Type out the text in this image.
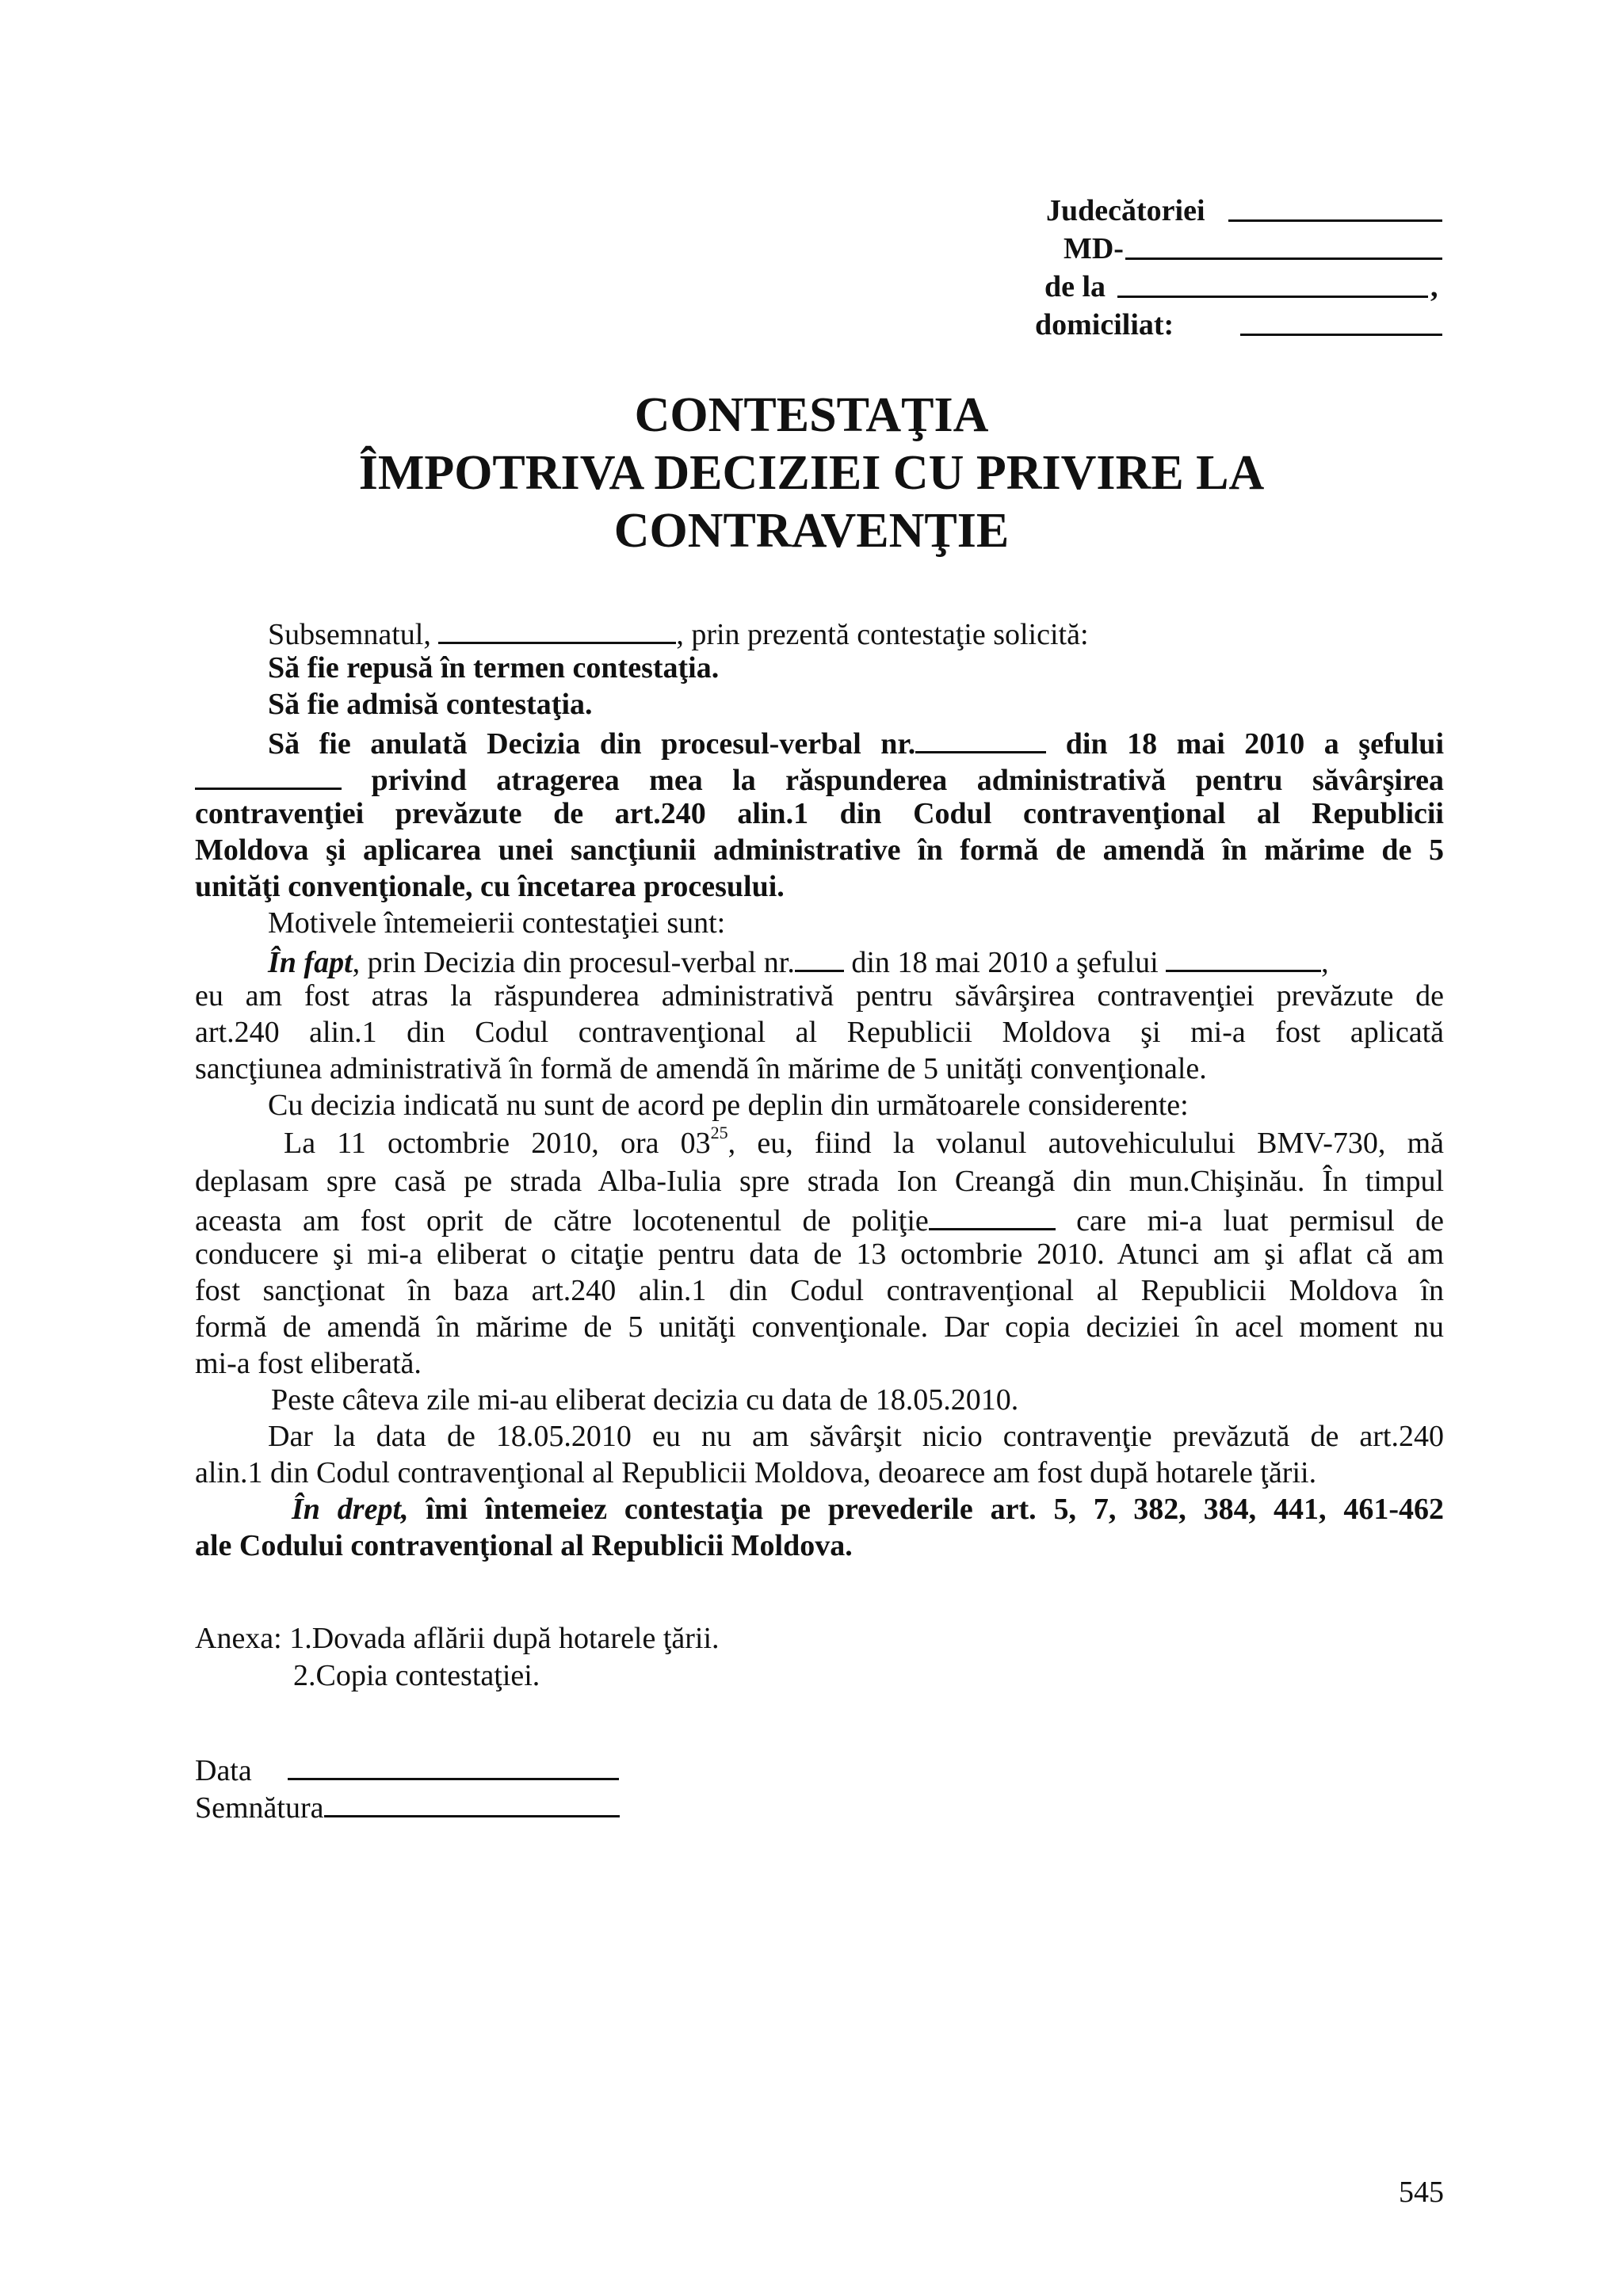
Judecătoriei
MD-
de la	,
domiciliat:
CONTESTAŢIA
ÎMPOTRIVA DECIZIEI CU PRIVIRE LA
CONTRAVENŢIE
Subsemnatul,	, prin prezentă contestaţie solicită:
Să fie repusă în termen contestaţia.
Să fie admisă contestaţia.
Să fie anulată Decizia din procesul-verbal nr.	din 18 mai 2010 a şefului
privind atragerea mea la răspunderea administrativă pentru săvârşirea
contravenţiei prevăzute de art.240 alin.1 din Codul contravenţional al Republicii
Moldova şi aplicarea unei sancţiunii administrative în formă de amendă în mărime de 5
unităţi convenţionale, cu încetarea procesului.
Motivele întemeierii contestaţiei sunt:
În fapt, prin Decizia din procesul-verbal nr. din 18 mai 2010 a şefului	,
eu am fost atras la răspunderea administrativă pentru săvârşirea contravenţiei prevăzute de
art.240 alin.1 din Codul contravenţional al Republicii Moldova şi mi-a fost aplicată
sancţiunea administrativă în formă de amendă în mărime de 5 unităţi convenţionale.
Cu decizia indicată nu sunt de acord pe deplin din următoarele considerente:
La 11 octombrie 2010, ora $03^{25}$, eu, fiind la volanul autovehiculului BMV-730, mă
deplasam spre casă pe strada Alba-Iulia spre strada Ion Creangă din mun.Chişinău. În timpul
aceasta am fost oprit de către locotenentul de poliţie	care mi-a luat permisul de
conducere şi mi-a eliberat o citaţie pentru data de 13 octombrie 2010. Atunci am şi aflat că am
fost sancţionat în baza art.240 alin.1 din Codul contravenţional al Republicii Moldova în
formă de amendă în mărime de 5 unităţi convenţionale. Dar copia deciziei în acel moment nu
mi-a fost eliberată.
Peste câteva zile mi-au eliberat decizia cu data de 18.05.2010.
Dar la data de 18.05.2010 eu nu am săvârşit nicio contravenţie prevăzută de art.240
alin.1 din Codul contravenţional al Republicii Moldova, deoarece am fost după hotarele ţării.
În drept, îmi întemeiez contestaţia pe prevederile art. 5, 7, 382, 384, 441, 461-462
ale Codului contravenţional al Republicii Moldova.
Anexa: 1.Dovada aflării după hotarele ţării.
2.Copia contestaţiei.
Data
Semnătura
545
